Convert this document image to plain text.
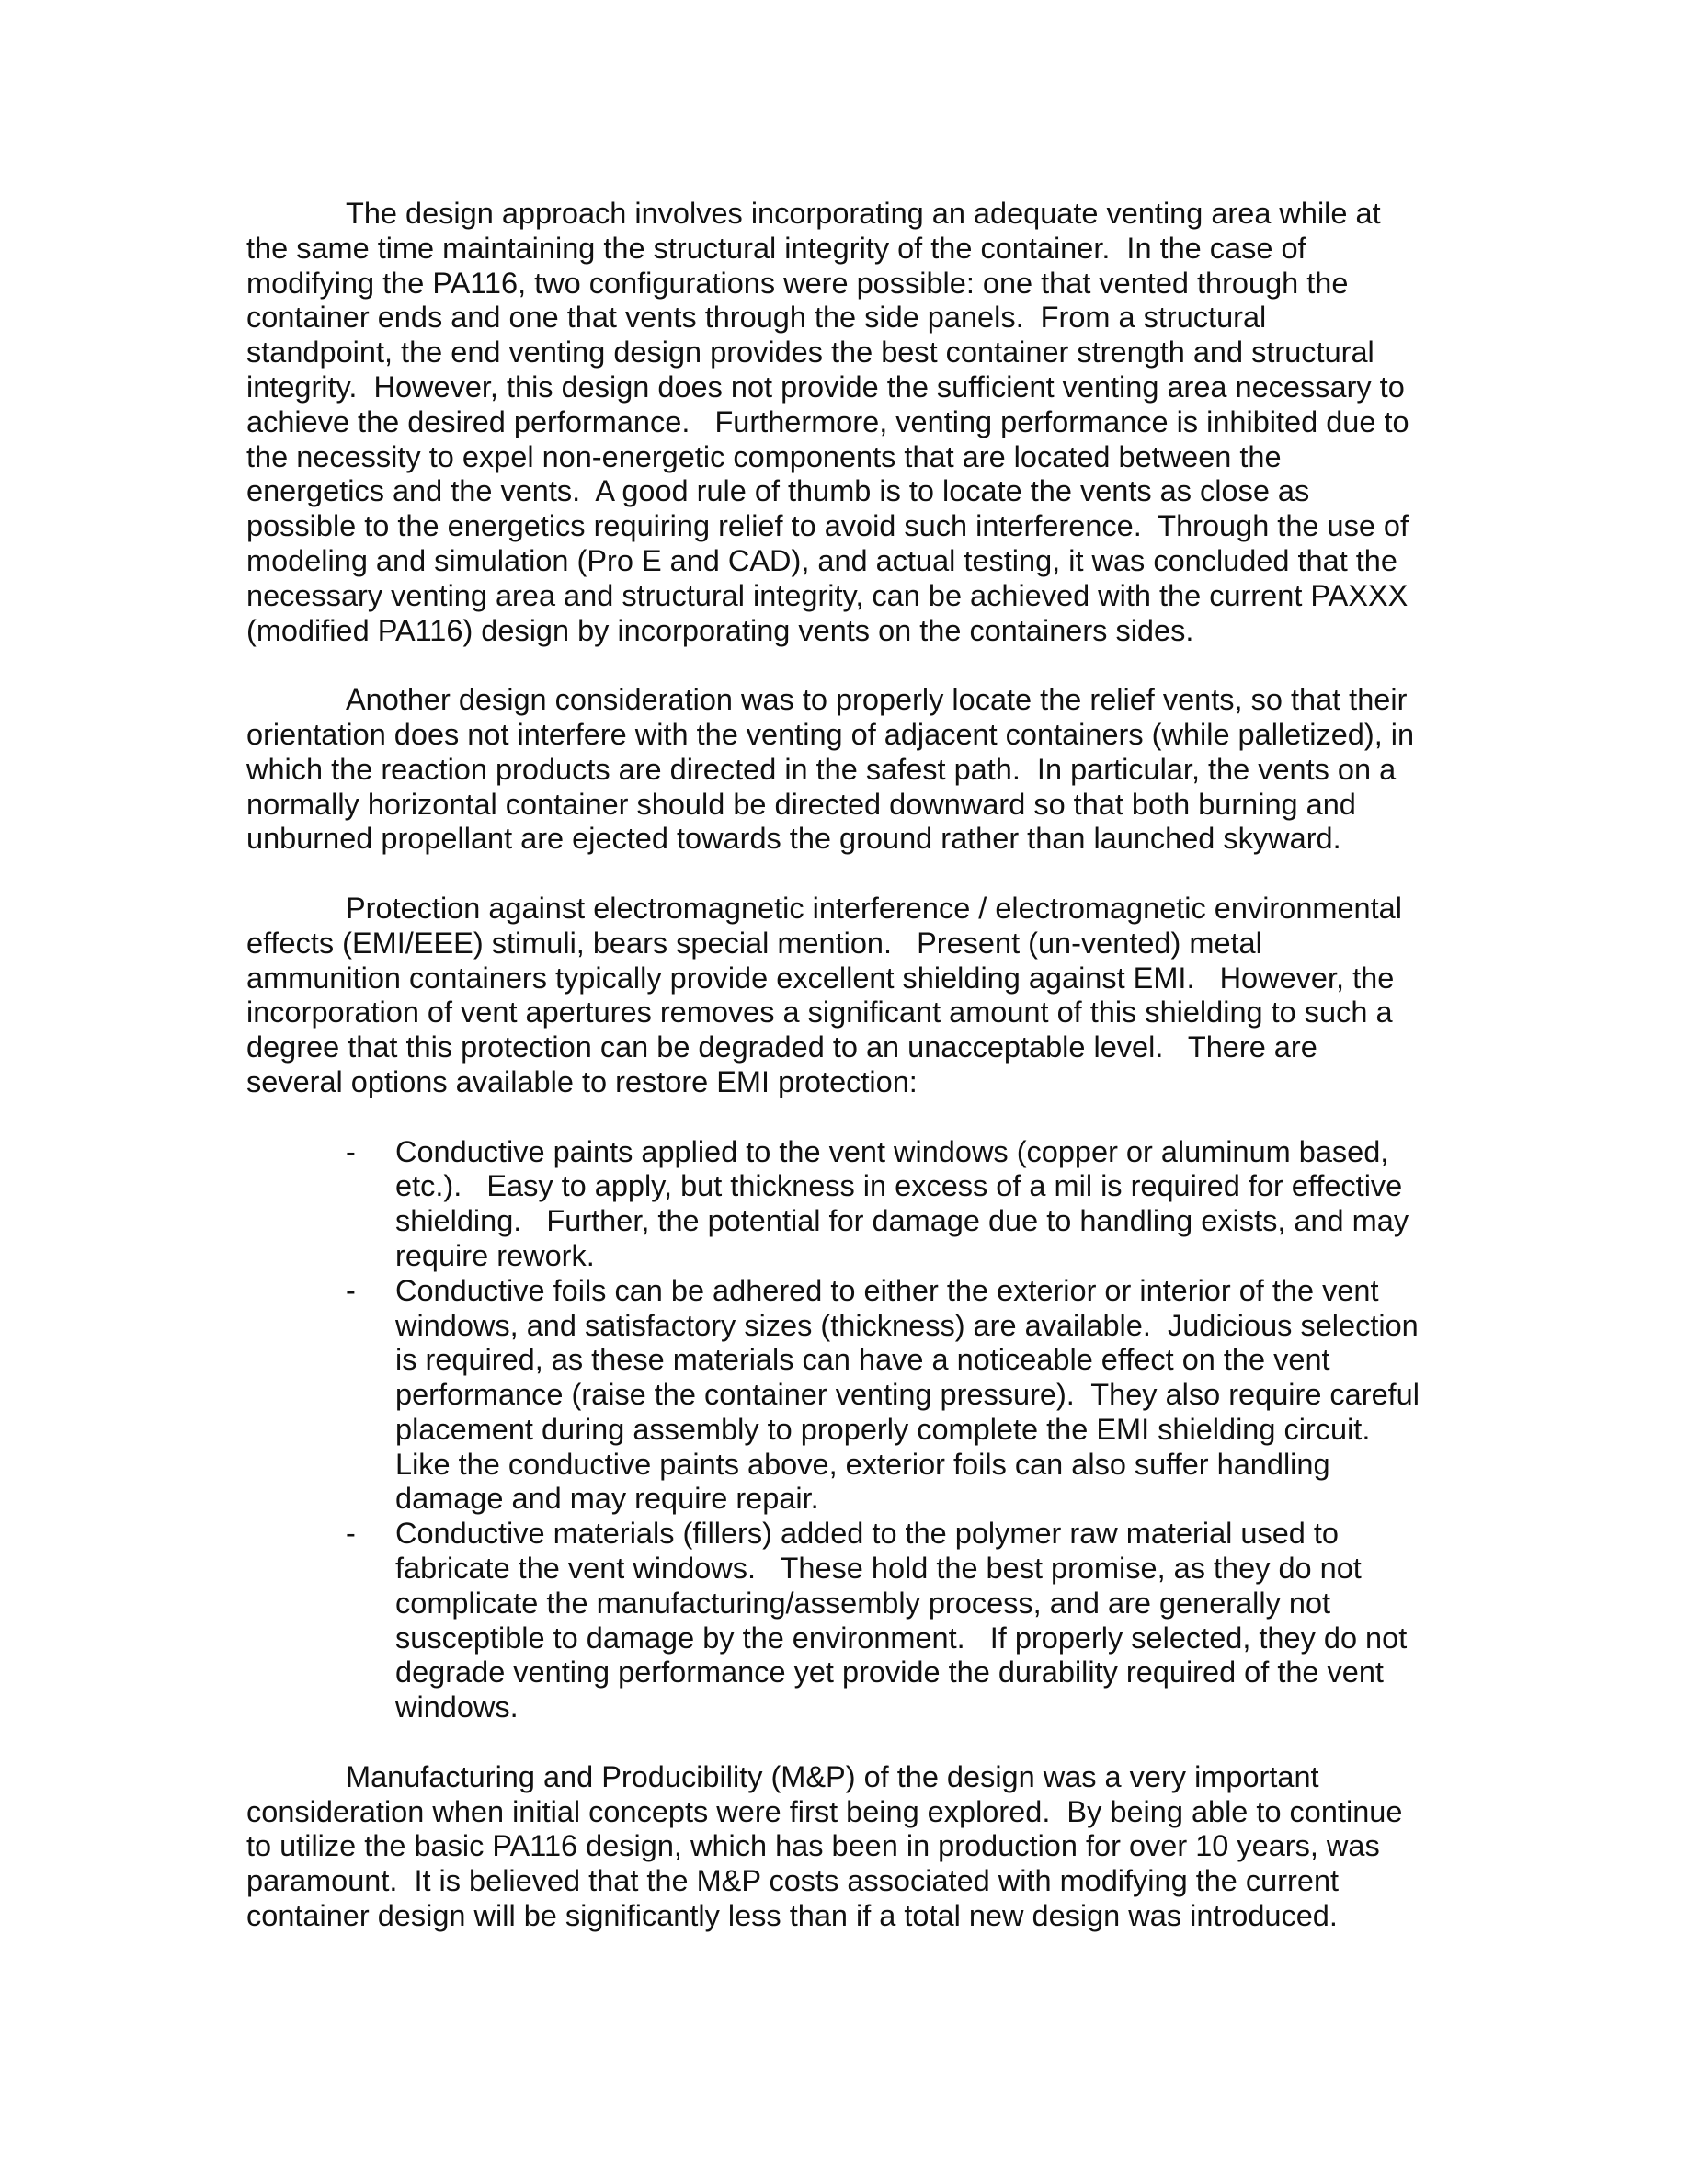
The design approach involves incorporating an adequate venting area while at
the same time maintaining the structural integrity of the container.  In the case of
modifying the PA116, two configurations were possible: one that vented through the
container ends and one that vents through the side panels.  From a structural
standpoint, the end venting design provides the best container strength and structural
integrity.  However, this design does not provide the sufficient venting area necessary to
achieve the desired performance.   Furthermore, venting performance is inhibited due to
the necessity to expel non-energetic components that are located between the
energetics and the vents.  A good rule of thumb is to locate the vents as close as
possible to the energetics requiring relief to avoid such interference.  Through the use of
modeling and simulation (Pro E and CAD), and actual testing, it was concluded that the
necessary venting area and structural integrity, can be achieved with the current PAXXX
(modified PA116) design by incorporating vents on the containers sides.
Another design consideration was to properly locate the relief vents, so that their
orientation does not interfere with the venting of adjacent containers (while palletized), in
which the reaction products are directed in the safest path.  In particular, the vents on a
normally horizontal container should be directed downward so that both burning and
unburned propellant are ejected towards the ground rather than launched skyward.
Protection against electromagnetic interference / electromagnetic environmental
effects (EMI/EEE) stimuli, bears special mention.   Present (un-vented) metal
ammunition containers typically provide excellent shielding against EMI.   However, the
incorporation of vent apertures removes a significant amount of this shielding to such a
degree that this protection can be degraded to an unacceptable level.   There are
several options available to restore EMI protection:
- Conductive paints applied to the vent windows (copper or aluminum based,
etc.).   Easy to apply, but thickness in excess of a mil is required for effective
shielding.   Further, the potential for damage due to handling exists, and may
require rework.
- Conductive foils can be adhered to either the exterior or interior of the vent
windows, and satisfactory sizes (thickness) are available.  Judicious selection
is required, as these materials can have a noticeable effect on the vent
performance (raise the container venting pressure).  They also require careful
placement during assembly to properly complete the EMI shielding circuit.
Like the conductive paints above, exterior foils can also suffer handling
damage and may require repair.
- Conductive materials (fillers) added to the polymer raw material used to
fabricate the vent windows.   These hold the best promise, as they do not
complicate the manufacturing/assembly process, and are generally not
susceptible to damage by the environment.   If properly selected, they do not
degrade venting performance yet provide the durability required of the vent
windows.
Manufacturing and Producibility (M&P) of the design was a very important
consideration when initial concepts were first being explored.  By being able to continue
to utilize the basic PA116 design, which has been in production for over 10 years, was
paramount.  It is believed that the M&P costs associated with modifying the current
container design will be significantly less than if a total new design was introduced.
